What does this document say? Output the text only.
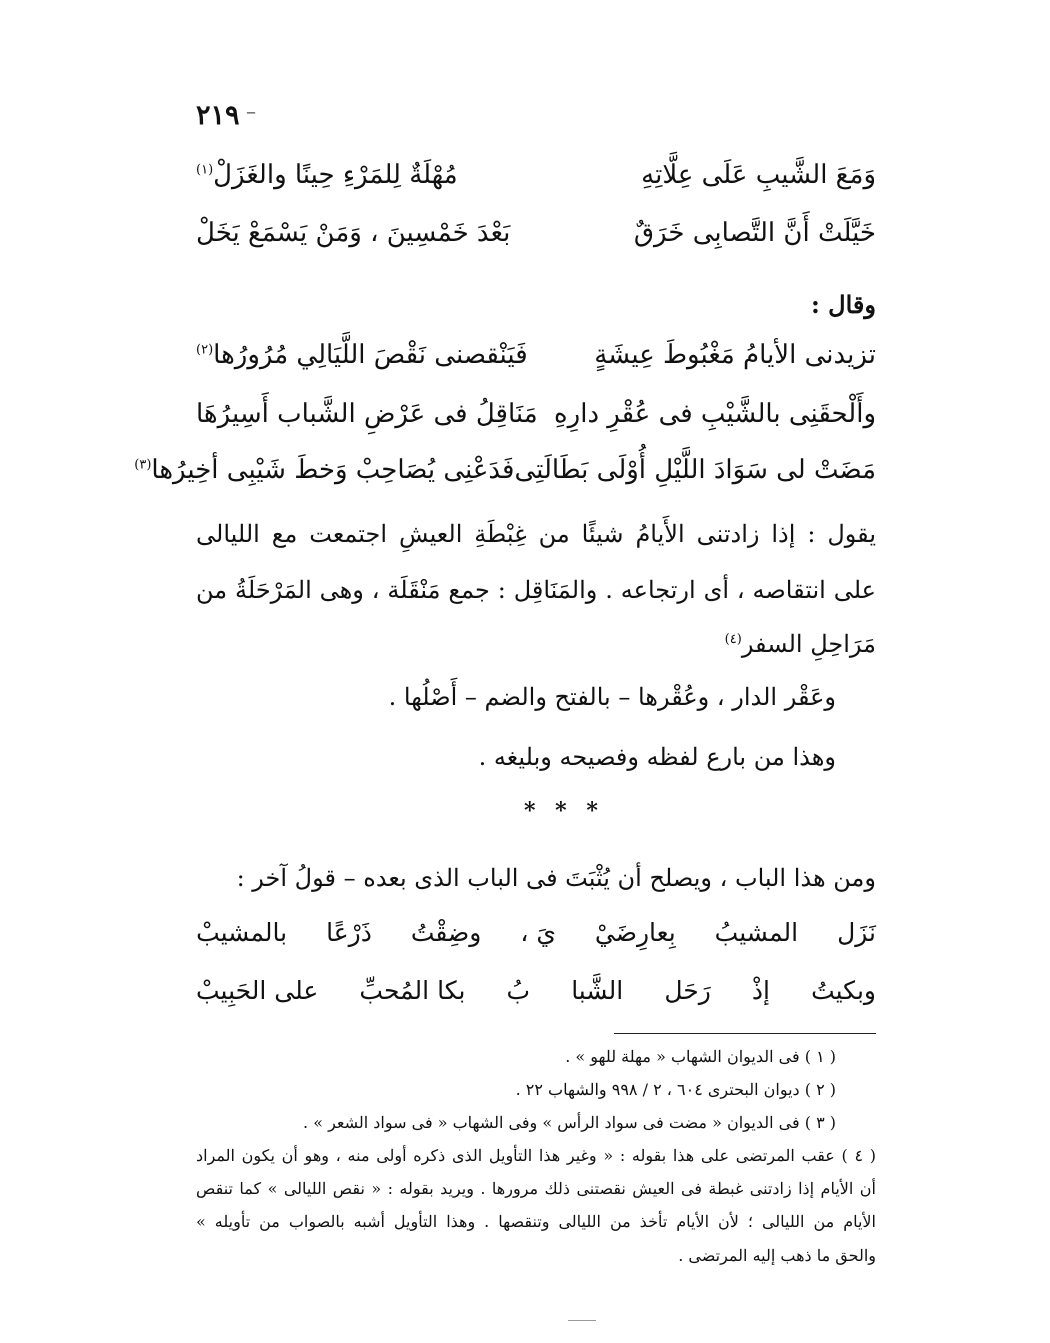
٢١٩ –
وَمَعَ الشَّيبِ عَلَى عِلَّاتِهِ
مُهْلَةٌ لِلمَرْءِ حِينًا والغَزَلْ$^{(١)}$
خَيَّلَتْ أَنَّ التَّصابِى خَرَقٌ
بَعْدَ خَمْسِينَ ، وَمَنْ يَسْمَعْ يَخَلْ
وقال :
تزيدنى الأيامُ مَغْبُوطَ عِيشَةٍ
فَيَنْقصنى نَقْصَ اللَّيَالِي مُرُورُها$^{(٢)}$
وأَلْحقَنِى بالشَّيْبِ فى عُقْرِ دارِهِ
مَنَاقِلُ فى عَرْضِ الشَّباب أَسِيرُهَا
مَضَتْ لى سَوَادَ اللَّيْلِ أُوْلَى بَطَالَتِى
فَدَعْنِى يُصَاحِبْ وَخطَ شَيْبِى أخِيرُها$^{(٣)}$
يقول : إذا زادتنى الأَيامُ شيئًا من غِبْطَةِ العيشِ اجتمعت مع الليالى
على انتقاصه ، أى ارتجاعه . والمَنَاقِل : جمع مَنْقَلَة ، وهى المَرْحَلَةُ من
مَرَاحِلِ السفر$^{(٤)}$
وعَقْر الدار ، وعُقْرها – بالفتح والضم – أَصْلُها .
وهذا من بارع لفظه وفصيحه وبليغه .
* * *
ومن هذا الباب ، ويصلح أن يُثْبَتَ فى الباب الذى بعده – قولُ آخر :
نَزَل
المشيبُ
بِعارِضَيْ
يَ ،
وضِقْتُ
ذَرْعًا
بالمشيبْ
وبكيتُ
إذْ
رَحَل
الشَّبا
بُ
بكا المُحبِّ
على الحَبِيبْ
( ١ ) فى الديوان الشهاب « مهلة للهو » .
( ٢ ) ديوان البحترى ٦٠٤ ، ٢ / ٩٩٨ والشهاب ٢٢ .
( ٣ ) فى الديوان « مضت فى سواد الرأس » وفى الشهاب « فى سواد الشعر » .
( ٤ ) عقب المرتضى على هذا بقوله : « وغير هذا التأويل الذى ذكره أولى منه ، وهو أن يكون المراد
أن الأيام إذا زادتنى غبطة فى العيش نقصتنى ذلك مرورها . ويريد بقوله : « نقص الليالى » كما تنقص
الأيام من الليالى ؛ لأن الأيام تأخذ من الليالى وتنقصها . وهذا التأويل أشبه بالصواب من تأويله »
والحق ما ذهب إليه المرتضى .
